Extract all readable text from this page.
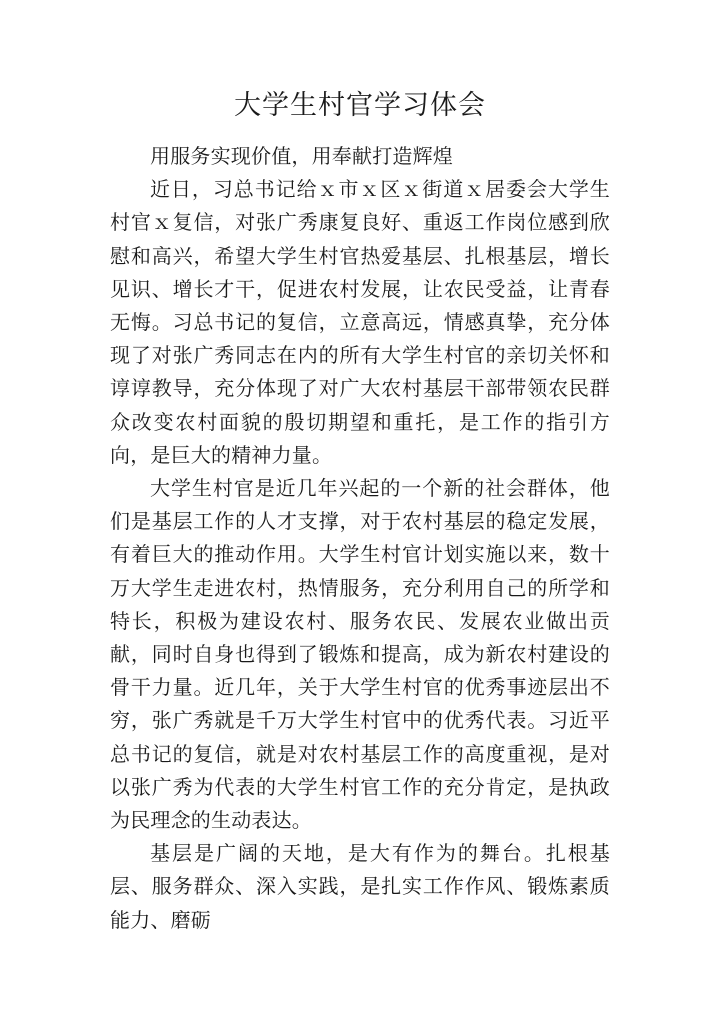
大学生村官学习体会

用服务实现价值，用奉献打造辉煌

近日，习总书记给ｘ市ｘ区ｘ街道ｘ居委会大学生村官ｘ复信，对张广秀康复良好、重返工作岗位感到欣慰和高兴，希望大学生村官热爱基层、扎根基层，增长见识、增长才干，促进农村发展，让农民受益，让青春无悔。习总书记的复信，立意高远，情感真挚，充分体现了对张广秀同志在内的所有大学生村官的亲切关怀和谆谆教导，充分体现了对广大农村基层干部带领农民群众改变农村面貌的殷切期望和重托，是工作的指引方向，是巨大的精神力量。

大学生村官是近几年兴起的一个新的社会群体，他们是基层工作的人才支撑，对于农村基层的稳定发展，有着巨大的推动作用。大学生村官计划实施以来，数十万大学生走进农村，热情服务，充分利用自己的所学和特长，积极为建设农村、服务农民、发展农业做出贡献，同时自身也得到了锻炼和提高，成为新农村建设的骨干力量。近几年，关于大学生村官的优秀事迹层出不穷，张广秀就是千万大学生村官中的优秀代表。习近平总书记的复信，就是对农村基层工作的高度重视，是对以张广秀为代表的大学生村官工作的充分肯定，是执政为民理念的生动表达。

基层是广阔的天地，是大有作为的舞台。扎根基层、服务群众、深入实践，是扎实工作作风、锻炼素质能力、磨砺
